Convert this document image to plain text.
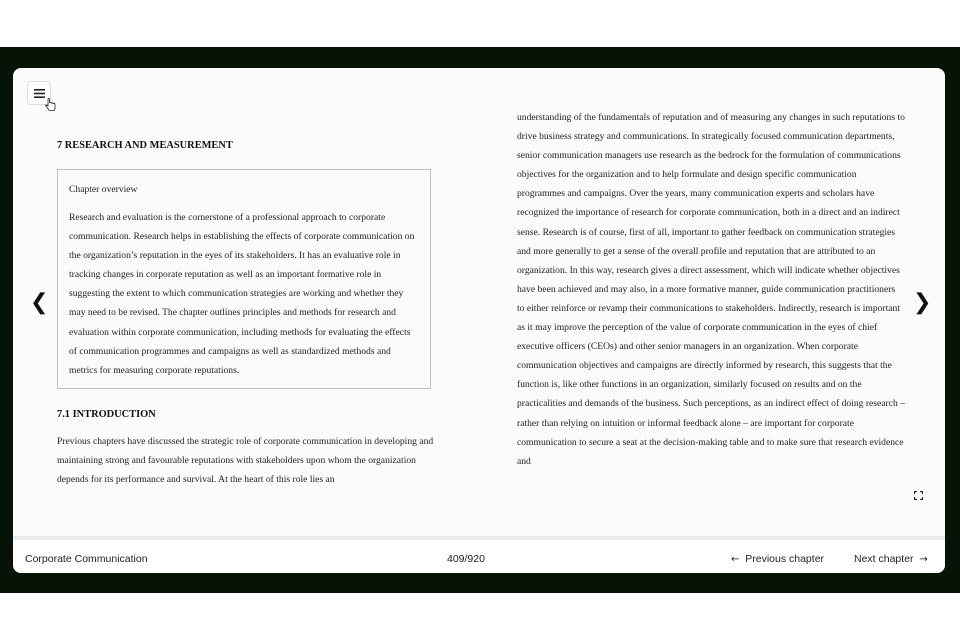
❮	❯

7 RESEARCH AND MEASUREMENT

Chapter overview

Research and evaluation is the cornerstone of a professional approach to corporate communication. Research helps in establishing the effects of corporate communication on the organization’s reputation in the eyes of its stakeholders. It has an evaluative role in tracking changes in corporate reputation as well as an important formative role in suggesting the extent to which communication strategies are working and whether they may need to be revised. The chapter outlines principles and methods for research and evaluation within corporate communication, including methods for evaluating the effects of communication programmes and campaigns as well as standardized methods and metrics for measuring corporate reputations.

7.1 INTRODUCTION

Previous chapters have discussed the strategic role of corporate communication in developing and maintaining strong and favourable reputations with stakeholders upon whom the organization depends for its performance and survival. At the heart of this role lies an

understanding of the fundamentals of reputation and of measuring any changes in such reputations to drive business strategy and communications. In strategically focused communication departments, senior communication managers use research as the bedrock for the formulation of communications objectives for the organization and to help formulate and design specific communication programmes and campaigns. Over the years, many communication experts and scholars have recognized the importance of research for corporate communication, both in a direct and an indirect sense. Research is of course, first of all, important to gather feedback on communication strategies and more generally to get a sense of the overall profile and reputation that are attributed to an organization. In this way, research gives a direct assessment, which will indicate whether objectives have been achieved and may also, in a more formative manner, guide communication practitioners to either reinforce or revamp their communications to stakeholders. Indirectly, research is important as it may improve the perception of the value of corporate communication in the eyes of chief executive officers (CEOs) and other senior managers in an organization. When corporate communication objectives and campaigns are directly informed by research, this suggests that the function is, like other functions in an organization, similarly focused on results and on the practicalities and demands of the business. Such perceptions, as an indirect effect of doing research – rather than relying on intuition or informal feedback alone – are important for corporate communication to secure a seat at the decision-making table and to make sure that research evidence and

Corporate Communication	409/920	← Previous chapter	Next chapter →
